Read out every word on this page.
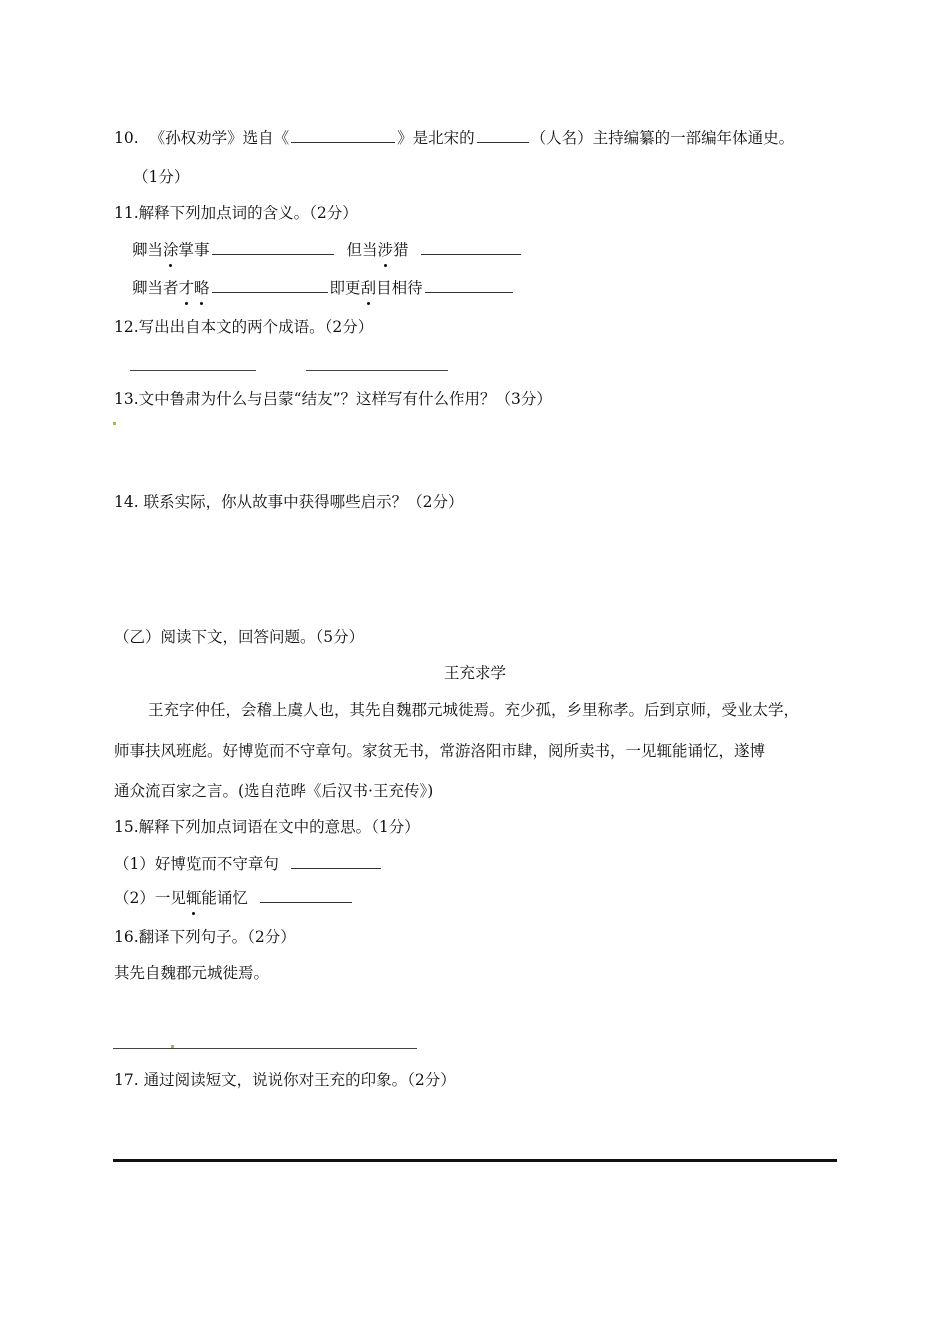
10. 《孙权劝学》选自《	》是北宋的	（人名）主持编纂的一部编年体通史。
（1分）
11.解释下列加点词的含义。（2分）
卿当涂掌事	但当涉猎
卿当者才略	即更刮目相待
12.写出出自本文的两个成语。（2分）
13.文中鲁肃为什么与吕蒙“结友”？这样写有什么作用？（3分）
14. 联系实际，你从故事中获得哪些启示？（2分）
（乙）阅读下文，回答问题。（5分）
王充求学
王充字仲任，会稽上虞人也，其先自魏郡元城徙焉。充少孤，乡里称孝。后到京师，受业太学，
师事扶风班彪。好博览而不守章句。家贫无书，常游洛阳市肆，阅所卖书，一见辄能诵忆，遂博
通众流百家之言。(选自范晔《后汉书·王充传》)
15.解释下列加点词语在文中的意思。（1分）
（1）好博览而不守章句
（2）一见辄能诵忆
16.翻译下列句子。（2分）
其先自魏郡元城徙焉。
17. 通过阅读短文，说说你对王充的印象。（2分）
